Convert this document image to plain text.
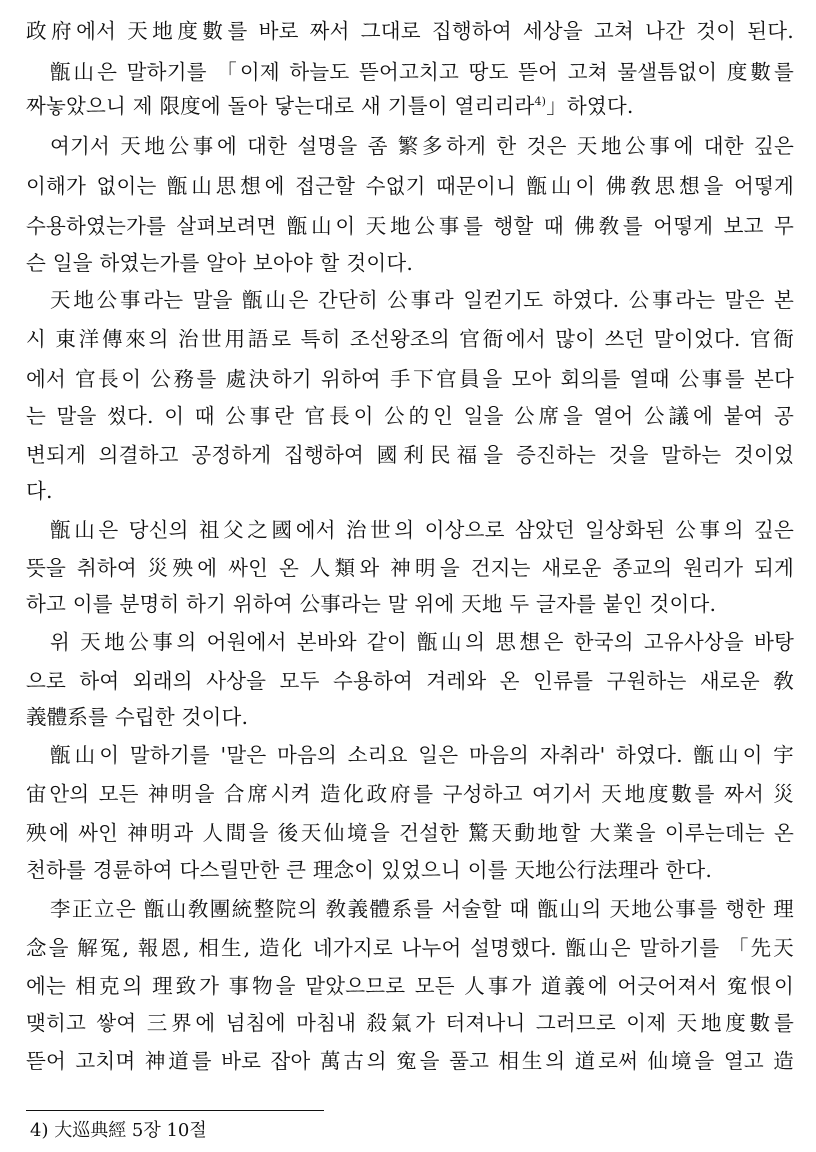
政府에서 天地度數를 바로 짜서 그대로 집행하여 세상을 고쳐 나간 것이 된다.
甑山은 말하기를 「이제 하늘도 뜯어고치고 땅도 뜯어 고쳐 물샐틈없이 度數를
짜놓았으니 제 限度에 돌아 닿는대로 새 기틀이 열리리라$^{4)}$」하였다.
여기서 天地公事에 대한 설명을 좀 繁多하게 한 것은 天地公事에 대한 깊은
이해가 없이는 甑山思想에 접근할 수없기 때문이니 甑山이 佛敎思想을 어떻게
수용하였는가를 살펴보려면 甑山이 天地公事를 행할 때 佛敎를 어떻게 보고 무
슨 일을 하였는가를 알아 보아야 할 것이다.
天地公事라는 말을 甑山은 간단히 公事라 일컫기도 하였다. 公事라는 말은 본
시 東洋傳來의 治世用語로 특히 조선왕조의 官衙에서 많이 쓰던 말이었다. 官衙
에서 官長이 公務를 處決하기 위하여 手下官員을 모아 회의를 열때 公事를 본다
는 말을 썼다. 이 때 公事란 官長이 公的인 일을 公席을 열어 公議에 붙여 공
변되게 의결하고 공정하게 집행하여 國利民福을 증진하는 것을 말하는 것이었
다.
甑山은 당신의 祖父之國에서 治世의 이상으로 삼았던 일상화된 公事의 깊은
뜻을 취하여 災殃에 싸인 온 人類와 神明을 건지는 새로운 종교의 원리가 되게
하고 이를 분명히 하기 위하여 公事라는 말 위에 天地 두 글자를 붙인 것이다.
위 天地公事의 어원에서 본바와 같이 甑山의 思想은 한국의 고유사상을 바탕
으로 하여 외래의 사상을 모두 수용하여 겨레와 온 인류를 구원하는 새로운 敎
義體系를 수립한 것이다.
甑山이 말하기를 '말은 마음의 소리요 일은 마음의 자취라' 하였다. 甑山이 宇
宙안의 모든 神明을 合席시켜 造化政府를 구성하고 여기서 天地度數를 짜서 災
殃에 싸인 神明과 人間을 後天仙境을 건설한 驚天動地할 大業을 이루는데는 온
천하를 경륜하여 다스릴만한 큰 理念이 있었으니 이를 天地公行法理라 한다.
李正立은 甑山敎團統整院의 敎義體系를 서술할 때 甑山의 天地公事를 행한 理
念을 解冤, 報恩, 相生, 造化 네가지로 나누어 설명했다. 甑山은 말하기를 「先天
에는 相克의 理致가 事物을 맡았으므로 모든 人事가 道義에 어긋어져서 寃恨이
맺히고 쌓여 三界에 넘침에 마침내 殺氣가 터져나니 그러므로 이제 天地度數를
뜯어 고치며 神道를 바로 잡아 萬古의 寃을 풀고 相生의 道로써 仙境을 열고 造
4) 大巡典經 5장 10절
